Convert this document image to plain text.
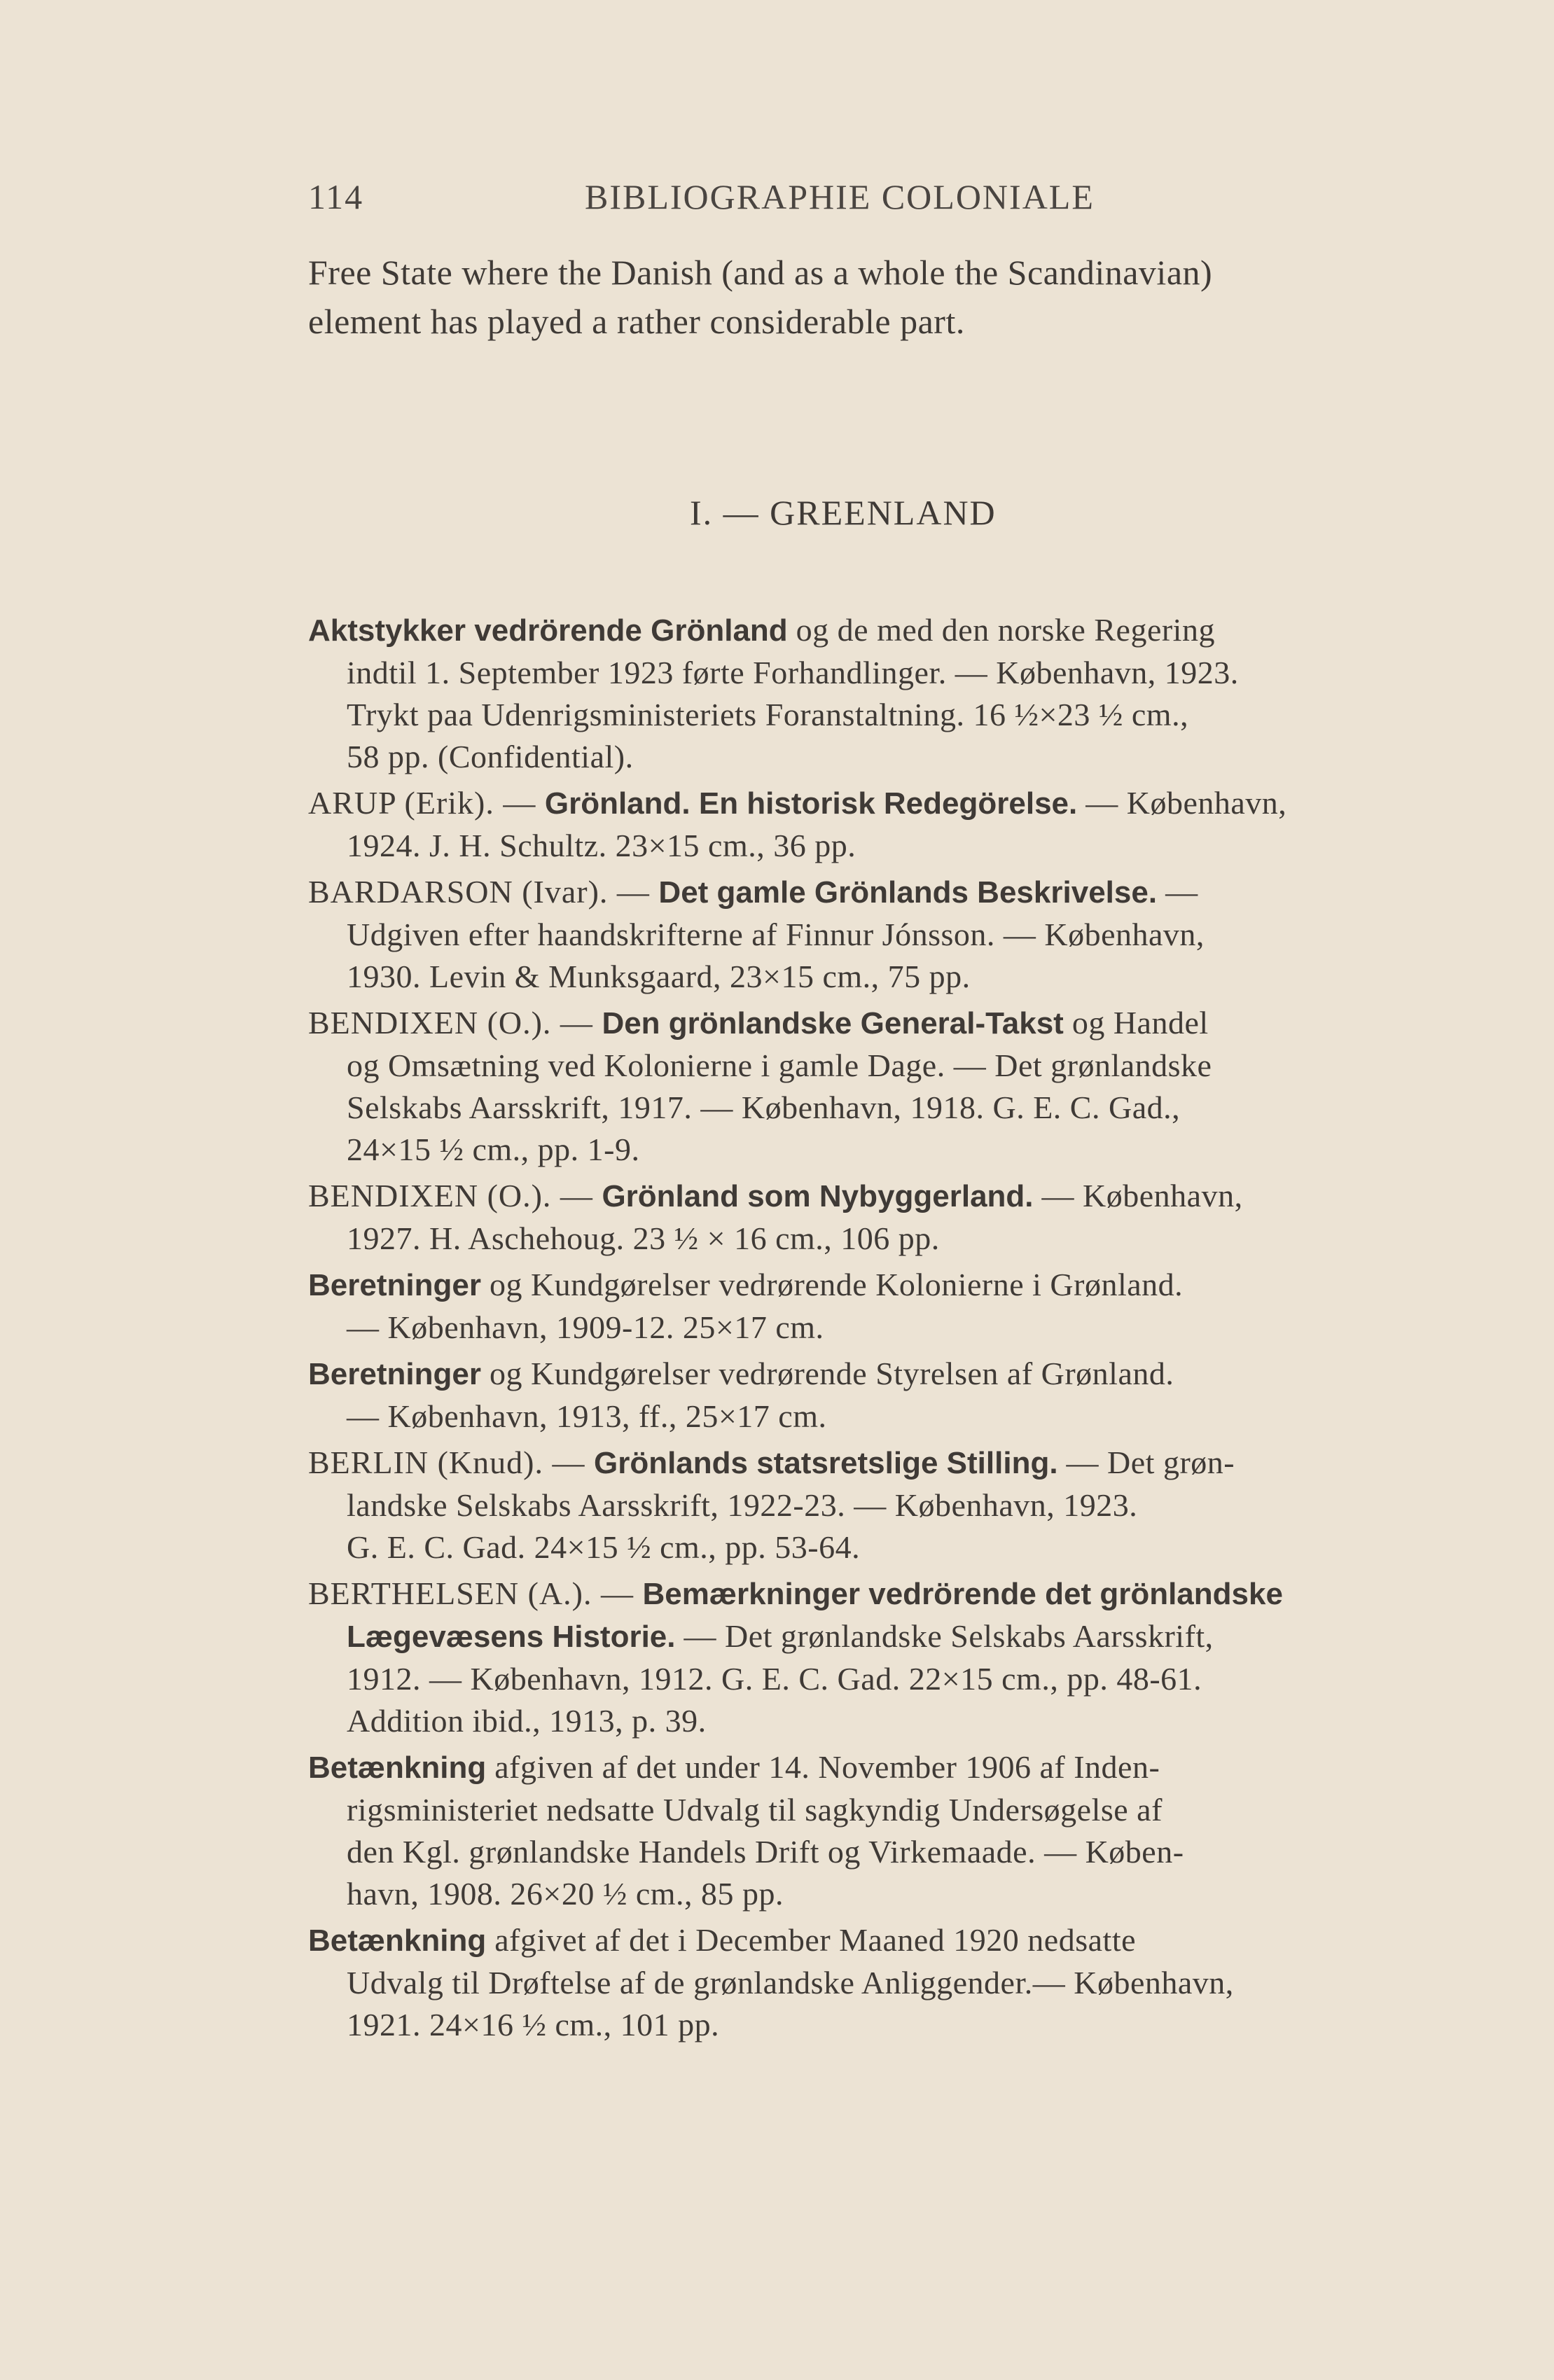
114	BIBLIOGRAPHIE COLONIALE
Free State where the Danish (and as a whole the Scandinavian)
element has played a rather considerable part.
I. — GREENLAND
Aktstykker vedrörende Grönland og de med den norske Regering
indtil 1. September 1923 førte Forhandlinger. — København, 1923.
Trykt paa Udenrigsministeriets Foranstaltning. 16 ½×23 ½ cm.,
58 pp. (Confidential).
ARUP (Erik). — Grönland. En historisk Redegörelse. — København,
1924. J. H. Schultz. 23×15 cm., 36 pp.
BARDARSON (Ivar). — Det gamle Grönlands Beskrivelse. —
Udgiven efter haandskrifterne af Finnur Jónsson. — København,
1930. Levin & Munksgaard, 23×15 cm., 75 pp.
BENDIXEN (O.). — Den grönlandske General-Takst og Handel
og Omsætning ved Kolonierne i gamle Dage. — Det grønlandske
Selskabs Aarsskrift, 1917. — København, 1918. G. E. C. Gad.,
24×15 ½ cm., pp. 1-9.
BENDIXEN (O.). — Grönland som Nybyggerland. — København,
1927. H. Aschehoug. 23 ½ × 16 cm., 106 pp.
Beretninger og Kundgørelser vedrørende Kolonierne i Grønland.
— København, 1909-12. 25×17 cm.
Beretninger og Kundgørelser vedrørende Styrelsen af Grønland.
— København, 1913, ff., 25×17 cm.
BERLIN (Knud). — Grönlands statsretslige Stilling. — Det grøn-
landske Selskabs Aarsskrift, 1922-23. — København, 1923.
G. E. C. Gad. 24×15 ½ cm., pp. 53-64.
BERTHELSEN (A.). — Bemærkninger vedrörende det grönlandske
Lægevæsens Historie. — Det grønlandske Selskabs Aarsskrift,
1912. — København, 1912. G. E. C. Gad. 22×15 cm., pp. 48-61.
Addition ibid., 1913, p. 39.
Betænkning afgiven af det under 14. November 1906 af Inden-
rigsministeriet nedsatte Udvalg til sagkyndig Undersøgelse af
den Kgl. grønlandske Handels Drift og Virkemaade. — Køben-
havn, 1908. 26×20 ½ cm., 85 pp.
Betænkning afgivet af det i December Maaned 1920 nedsatte
Udvalg til Drøftelse af de grønlandske Anliggender.— København,
1921. 24×16 ½ cm., 101 pp.
